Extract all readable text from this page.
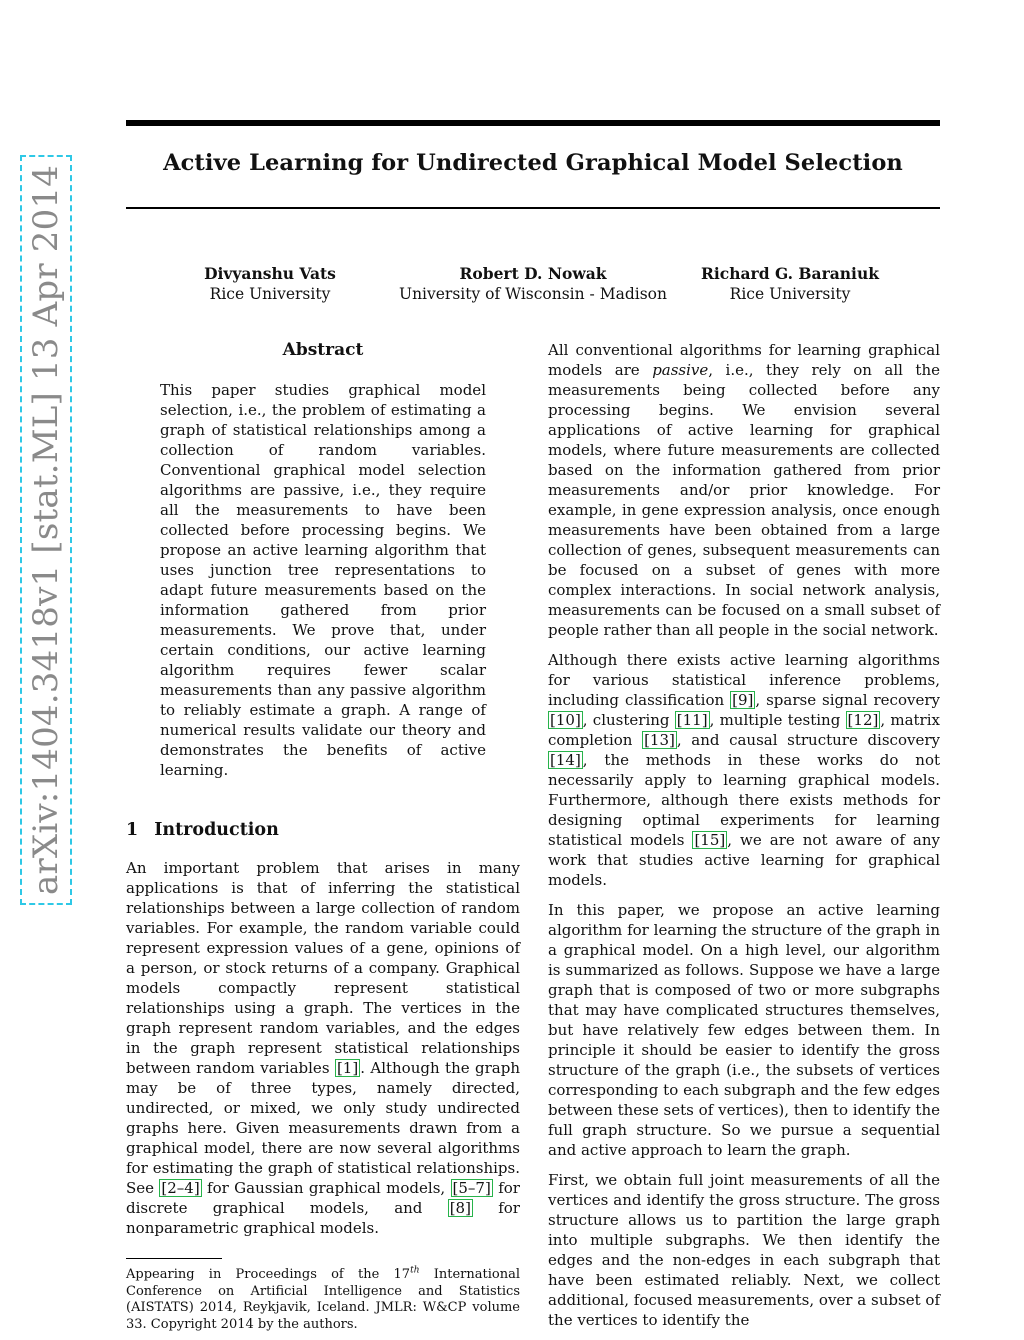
Active Learning for Undirected Graphical Model Selection
Divyanshu Vats
Rice University
Robert D. Nowak
University of Wisconsin - Madison
Richard G. Baraniuk
Rice University
arXiv:1404.3418v1 [stat.ML] 13 Apr 2014	Abstract

This paper studies graphical model selection, i.e., the problem of estimating a graph of statistical relationships among a collection of random variables. Conventional graphical model selection algorithms are passive, i.e., they require all the measurements to have been collected before processing begins. We propose an active learning algorithm that uses junction tree representations to adapt future measurements based on the information gathered from prior measurements. We prove that, under certain conditions, our active learning algorithm requires fewer scalar measurements than any passive algorithm to reliably estimate a graph. A range of numerical results validate our theory and demonstrates the benefits of active learning.

1 Introduction

An important problem that arises in many applications is that of inferring the statistical relationships between a large collection of random variables. For example, the random variable could represent expression values of a gene, opinions of a person, or stock returns of a company. Graphical models compactly represent statistical relationships using a graph. The vertices in the graph represent random variables, and the edges in the graph represent statistical relationships between random variables [1] . Although the graph may be of three types, namely directed, undirected, or mixed, we only study undirected graphs here. Given measurements drawn from a graphical model, there are now several algorithms for estimating the graph of statistical relationships. See [2–4] for Gaussian graphical models, [5–7] for discrete graphical models, and [8] for nonparametric graphical models.

Appearing in Proceedings of the 17th International Conference on Artificial Intelligence and Statistics (AISTATS) 2014, Reykjavik, Iceland. JMLR: W&CP volume 33. Copyright 2014 by the authors.

All conventional algorithms for learning graphical models are passive, i.e., they rely on all the measurements being collected before any processing begins. We envision several applications of active learning for graphical models, where future measurements are collected based on the information gathered from prior measurements and/or prior knowledge. For example, in gene expression analysis, once enough measurements have been obtained from a large collection of genes, subsequent measurements can be focused on a subset of genes with more complex interactions. In social network analysis, measurements can be focused on a small subset of people rather than all people in the social network.

Although there exists active learning algorithms for various statistical inference problems, including classification [9] , sparse signal recovery [10] , clustering [11] , multiple testing [12] , matrix completion [13] , and causal structure discovery [14] , the methods in these works do not necessarily apply to learning graphical models. Furthermore, although there exists methods for designing optimal experiments for learning statistical models [15] , we are not aware of any work that studies active learning for graphical models.

In this paper, we propose an active learning algorithm for learning the structure of the graph in a graphical model. On a high level, our algorithm is summarized as follows. Suppose we have a large graph that is composed of two or more subgraphs that may have complicated structures themselves, but have relatively few edges between them. In principle it should be easier to identify the gross structure of the graph (i.e., the subsets of vertices corresponding to each subgraph and the few edges between these sets of vertices), then to identify the full graph structure. So we pursue a sequential and active approach to learn the graph.

First, we obtain full joint measurements of all the vertices and identify the gross structure. The gross structure allows us to partition the large graph into multiple subgraphs. We then identify the edges and the non-edges in each subgraph that have been estimated reliably. Next, we collect additional, focused measurements, over a subset of the vertices to identify the
